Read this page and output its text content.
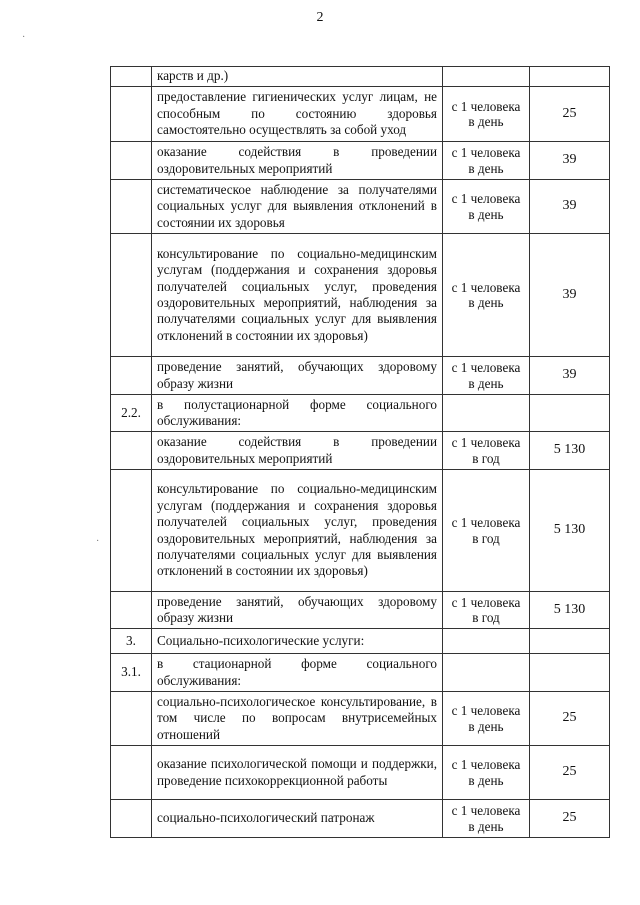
2
	карств и др.)		
	предоставление гигиенических услуг лицам, не способным по состоянию здоровья самостоятельно осуществлять за собой уход	с 1 человека в день	25
	оказание содействия в проведении оздоровительных мероприятий	с 1 человека в день	39
	систематическое наблюдение за получателями социальных услуг для выявления отклонений в состоянии их здоровья	с 1 человека в день	39
	консультирование по социально-медицинским услугам (поддержания и сохранения здоровья получателей социальных услуг, проведения оздоровительных мероприятий, наблюдения за получателями социальных услуг для выявления отклонений в состоянии их здоровья)	с 1 человека в день	39
	проведение занятий, обучающих здоровому образу жизни	с 1 человека в день	39
2.2.	в полустационарной форме социального обслуживания:		
	оказание содействия в проведении оздоровительных мероприятий	с 1 человека в год	5 130
	консультирование по социально-медицинским услугам (поддержания и сохранения здоровья получателей социальных услуг, проведения оздоровительных мероприятий, наблюдения за получателями социальных услуг для выявления отклонений в состоянии их здоровья)	с 1 человека в год	5 130
	проведение занятий, обучающих здоровому образу жизни	с 1 человека в год	5 130
3.	Социально-психологические услуги:		
3.1.	в стационарной форме социального обслуживания:		
	социально-психологическое консультирование, в том числе по вопросам внутрисемейных отношений	с 1 человека в день	25
	оказание психологической помощи и поддержки, проведение психокоррекционной работы	с 1 человека в день	25
	социально-психологический патронаж	с 1 человека в день	25
·
·
